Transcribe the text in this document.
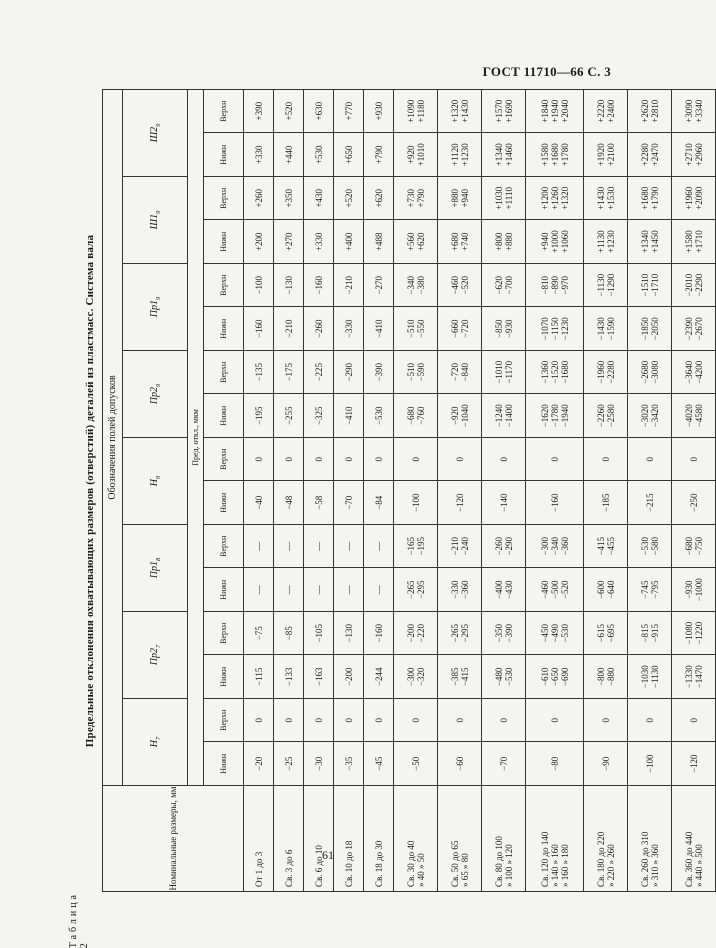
ГОСТ 11710—66 С. 3
61
Таблица 2
Предельные отклонения охватывающих размеров (отверстий) деталей из пластмасс. Система вала
Номинальные размеры, мм	Обозначения полей допусков															
	$Н_7$		$Пр2_7$		$Пр1_8$		$Н_9$		$Пр2_9$		$Пр1_9$		$Ш1_9$		$Ш2_9$
	Пред. откл., мкм															
	Нижн	Верхн	Нижн	Верхн	Нижн	Верхн	Нижн	Верхн	Нижн	Верхн	Нижн	Верхн	Нижн	Верхн	Нижн	Верхн

От 1 до 3	−20	0	−115	−75	—	—	−40	0	−195	−135	−160	−100	+200	+260	+330	+390

Св. 3 до 6	−25	0	−133	−85	—	—	−48	0	−255	−175	−210	−130	+270	+350	+440	+520

Св. 6 до 10	−30	0	−163	−105	—	—	−58	0	−325	−225	−260	−160	+330	+430	+530	+630

Св. 10 до 18	−35	0	−200	−130	—	—	−70	0	−410	−290	−330	−210	+400	+520	+650	+770

Св. 18 до 30	−45	0	−244	−160	—	—	−84	0	−530	−390	−410	−270	+488	+620	+790	+930

Св. 30 до 40 » 40 » 50	−50	0	−300 −320	−200 −220	−265 −295	−165 −195	−100	0	−680 −760	−510 −590	−510 −550	−340 −380	+560 +620	+730 +790	+920 +1010	+1090 +1180

Св. 50 до 65 » 65 » 80	−60	0	−385 −415	−265 −295	−330 −360	−210 −240	−120	0	−920 −1040	−720 −840	−660 −720	−460 −520	+680 +740	+880 +940	+1120 +1230	+1320 +1430

Св. 80 до 100 » 100 » 120	−70	0	−480 −530	−350 −390	−400 −430	−260 −290	−140	0	−1240 −1400	−1010 −1170	−850 −930	−620 −700	+800 +880	+1030 +1110	+1340 +1460	+1570 +1690

Св. 120 до 140 » 140 » 160 » 160 » 180	−80	0	−610 −650 −690	−450 −490 −530	−460 −500 −520	−300 −340 −360	−160	0	−1620 −1780 −1940	−1360 −1520 −1680	−1070 −1150 −1230	−810 −890 −970	+940 +1000 +1060	+1200 +1260 +1320	+1580 +1680 +1780	+1840 +1940 +2040

Св. 180 до 220 » 220 » 260	−90	0	−800 −880	−615 −695	−600 −640	−415 −455	−185	0	−2260 −2580	−1960 −2280	−1430 −1590	−1130 −1290	+1130 +1230	+1430 +1530	+1920 +2100	+2220 +2400

Св. 260 до 310 » 310 » 360	−100	0	−1030 −1130	−815 −915	−745 −795	−530 −580	−215	0	−3020 −3420	−2680 −3080	−1850 −2050	−1510 −1710	+1340 +1450	+1680 +1790	+2280 +2470	+2620 +2810

Св. 360 до 440 » 440 » 500	−120	0	−1330 −1470	−1080 −1220	−930 −1000	−680 −750	−250	0	−4020 −4580	−3640 −4200	−2390 −2670	−2010 −2290	+1580 +1710	+1960 +2090	+2710 +2960	+3090 +3340
